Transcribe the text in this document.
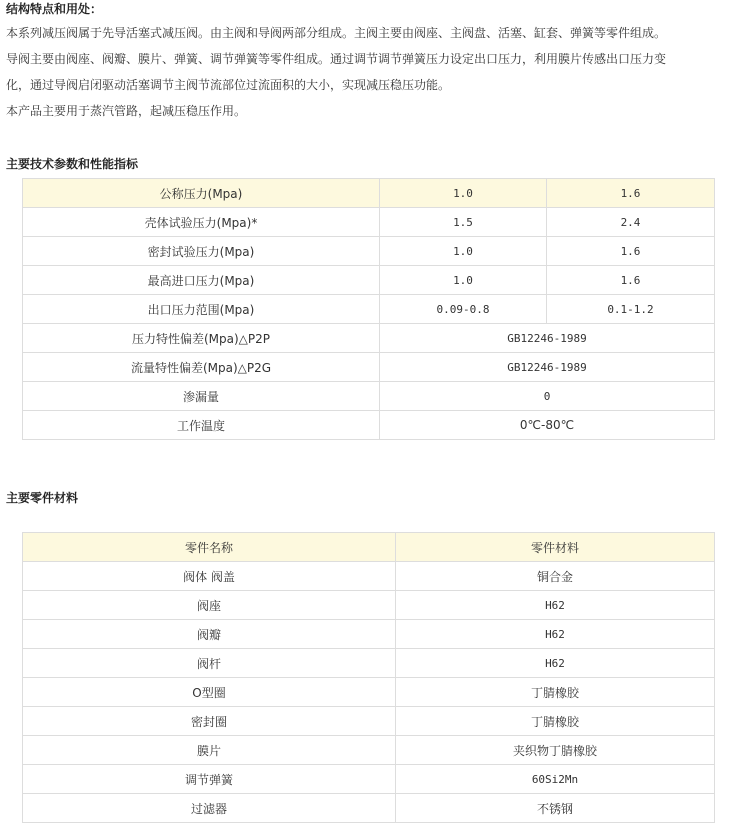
结构特点和用处：

本系列减压阀属于先导活塞式减压阀。由主阀和导阀两部分组成。主阀主要由阀座、主阀盘、活塞、缸套、弹簧等零件组成。

导阀主要由阀座、阀瓣、膜片、弹簧、调节弹簧等零件组成。通过调节调节弹簧压力设定出口压力，利用膜片传感出口压力变

化，通过导阀启闭驱动活塞调节主阀节流部位过流面积的大小，实现减压稳压功能。

本产品主要用于蒸汽管路，起减压稳压作用。

主要技术参数和性能指标
公称压力(Mpa)	1.0	1.6
壳体试验压力(Mpa)*	1.5	2.4
密封试验压力(Mpa)	1.0	1.6
最高进口压力(Mpa)	1.0	1.6
出口压力范围(Mpa)	0.09-0.8	0.1-1.2
压力特性偏差(Mpa)△P2P	GB12246-1989	
流量特性偏差(Mpa)△P2G	GB12246-1989	
渗漏量	0	
工作温度	0℃-80℃	
主要零件材料
零件名称	零件材料
阀体 阀盖	铜合金
阀座	H62
阀瓣	H62
阀杆	H62
O型圈	丁腈橡胶
密封圈	丁腈橡胶
膜片	夹织物丁腈橡胶
调节弹簧	60Si2Mn
过滤器	不锈钢
